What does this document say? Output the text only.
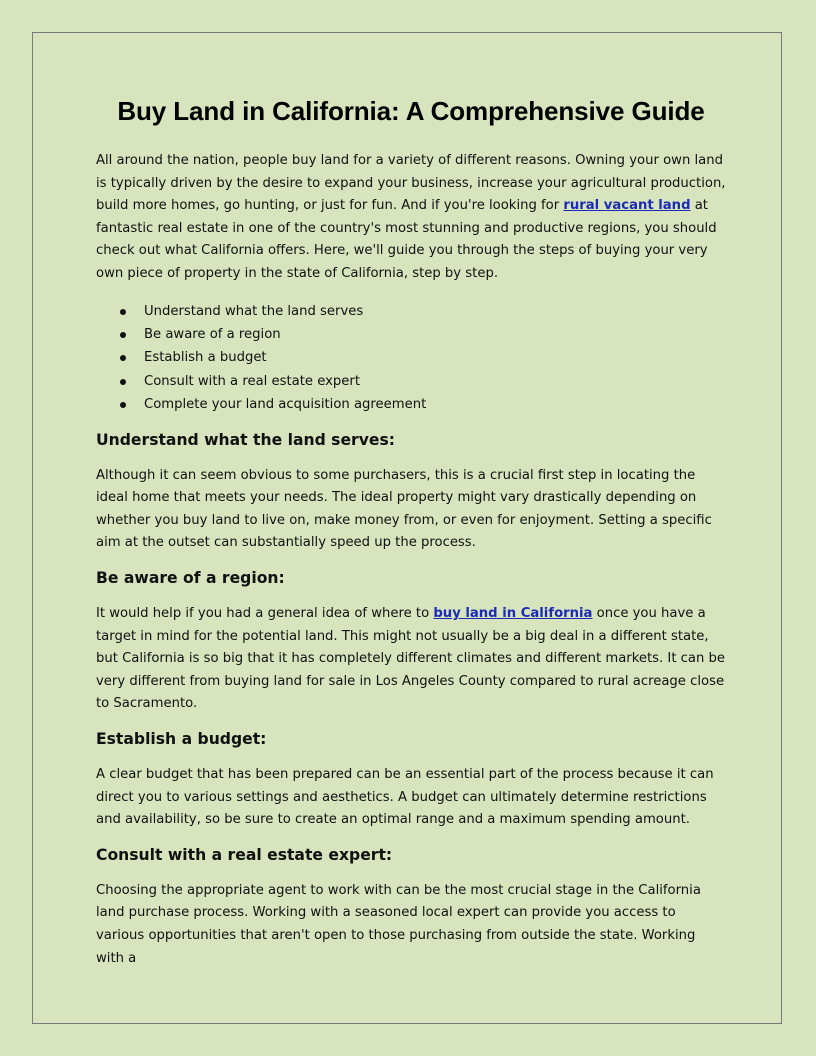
Buy Land in California: A Comprehensive Guide

All around the nation, people buy land for a variety of different reasons. Owning your own land is typically driven by the desire to expand your business, increase your agricultural production, build more homes, go hunting, or just for fun. And if you're looking for rural vacant land at fantastic real estate in one of the country's most stunning and productive regions, you should check out what California offers. Here, we'll guide you through the steps of buying your very own piece of property in the state of California, step by step.

Understand what the land serves
Be aware of a region
Establish a budget
Consult with a real estate expert
Complete your land acquisition agreement
Understand what the land serves:

Although it can seem obvious to some purchasers, this is a crucial first step in locating the ideal home that meets your needs. The ideal property might vary drastically depending on whether you buy land to live on, make money from, or even for enjoyment. Setting a specific aim at the outset can substantially speed up the process.

Be aware of a region:

It would help if you had a general idea of where to buy land in California once you have a target in mind for the potential land. This might not usually be a big deal in a different state, but California is so big that it has completely different climates and different markets. It can be very different from buying land for sale in Los Angeles County compared to rural acreage close to Sacramento.

Establish a budget:

A clear budget that has been prepared can be an essential part of the process because it can direct you to various settings and aesthetics. A budget can ultimately determine restrictions and availability, so be sure to create an optimal range and a maximum spending amount.

Consult with a real estate expert:

Choosing the appropriate agent to work with can be the most crucial stage in the California land purchase process. Working with a seasoned local expert can provide you access to various opportunities that aren't open to those purchasing from outside the state. Working with a
